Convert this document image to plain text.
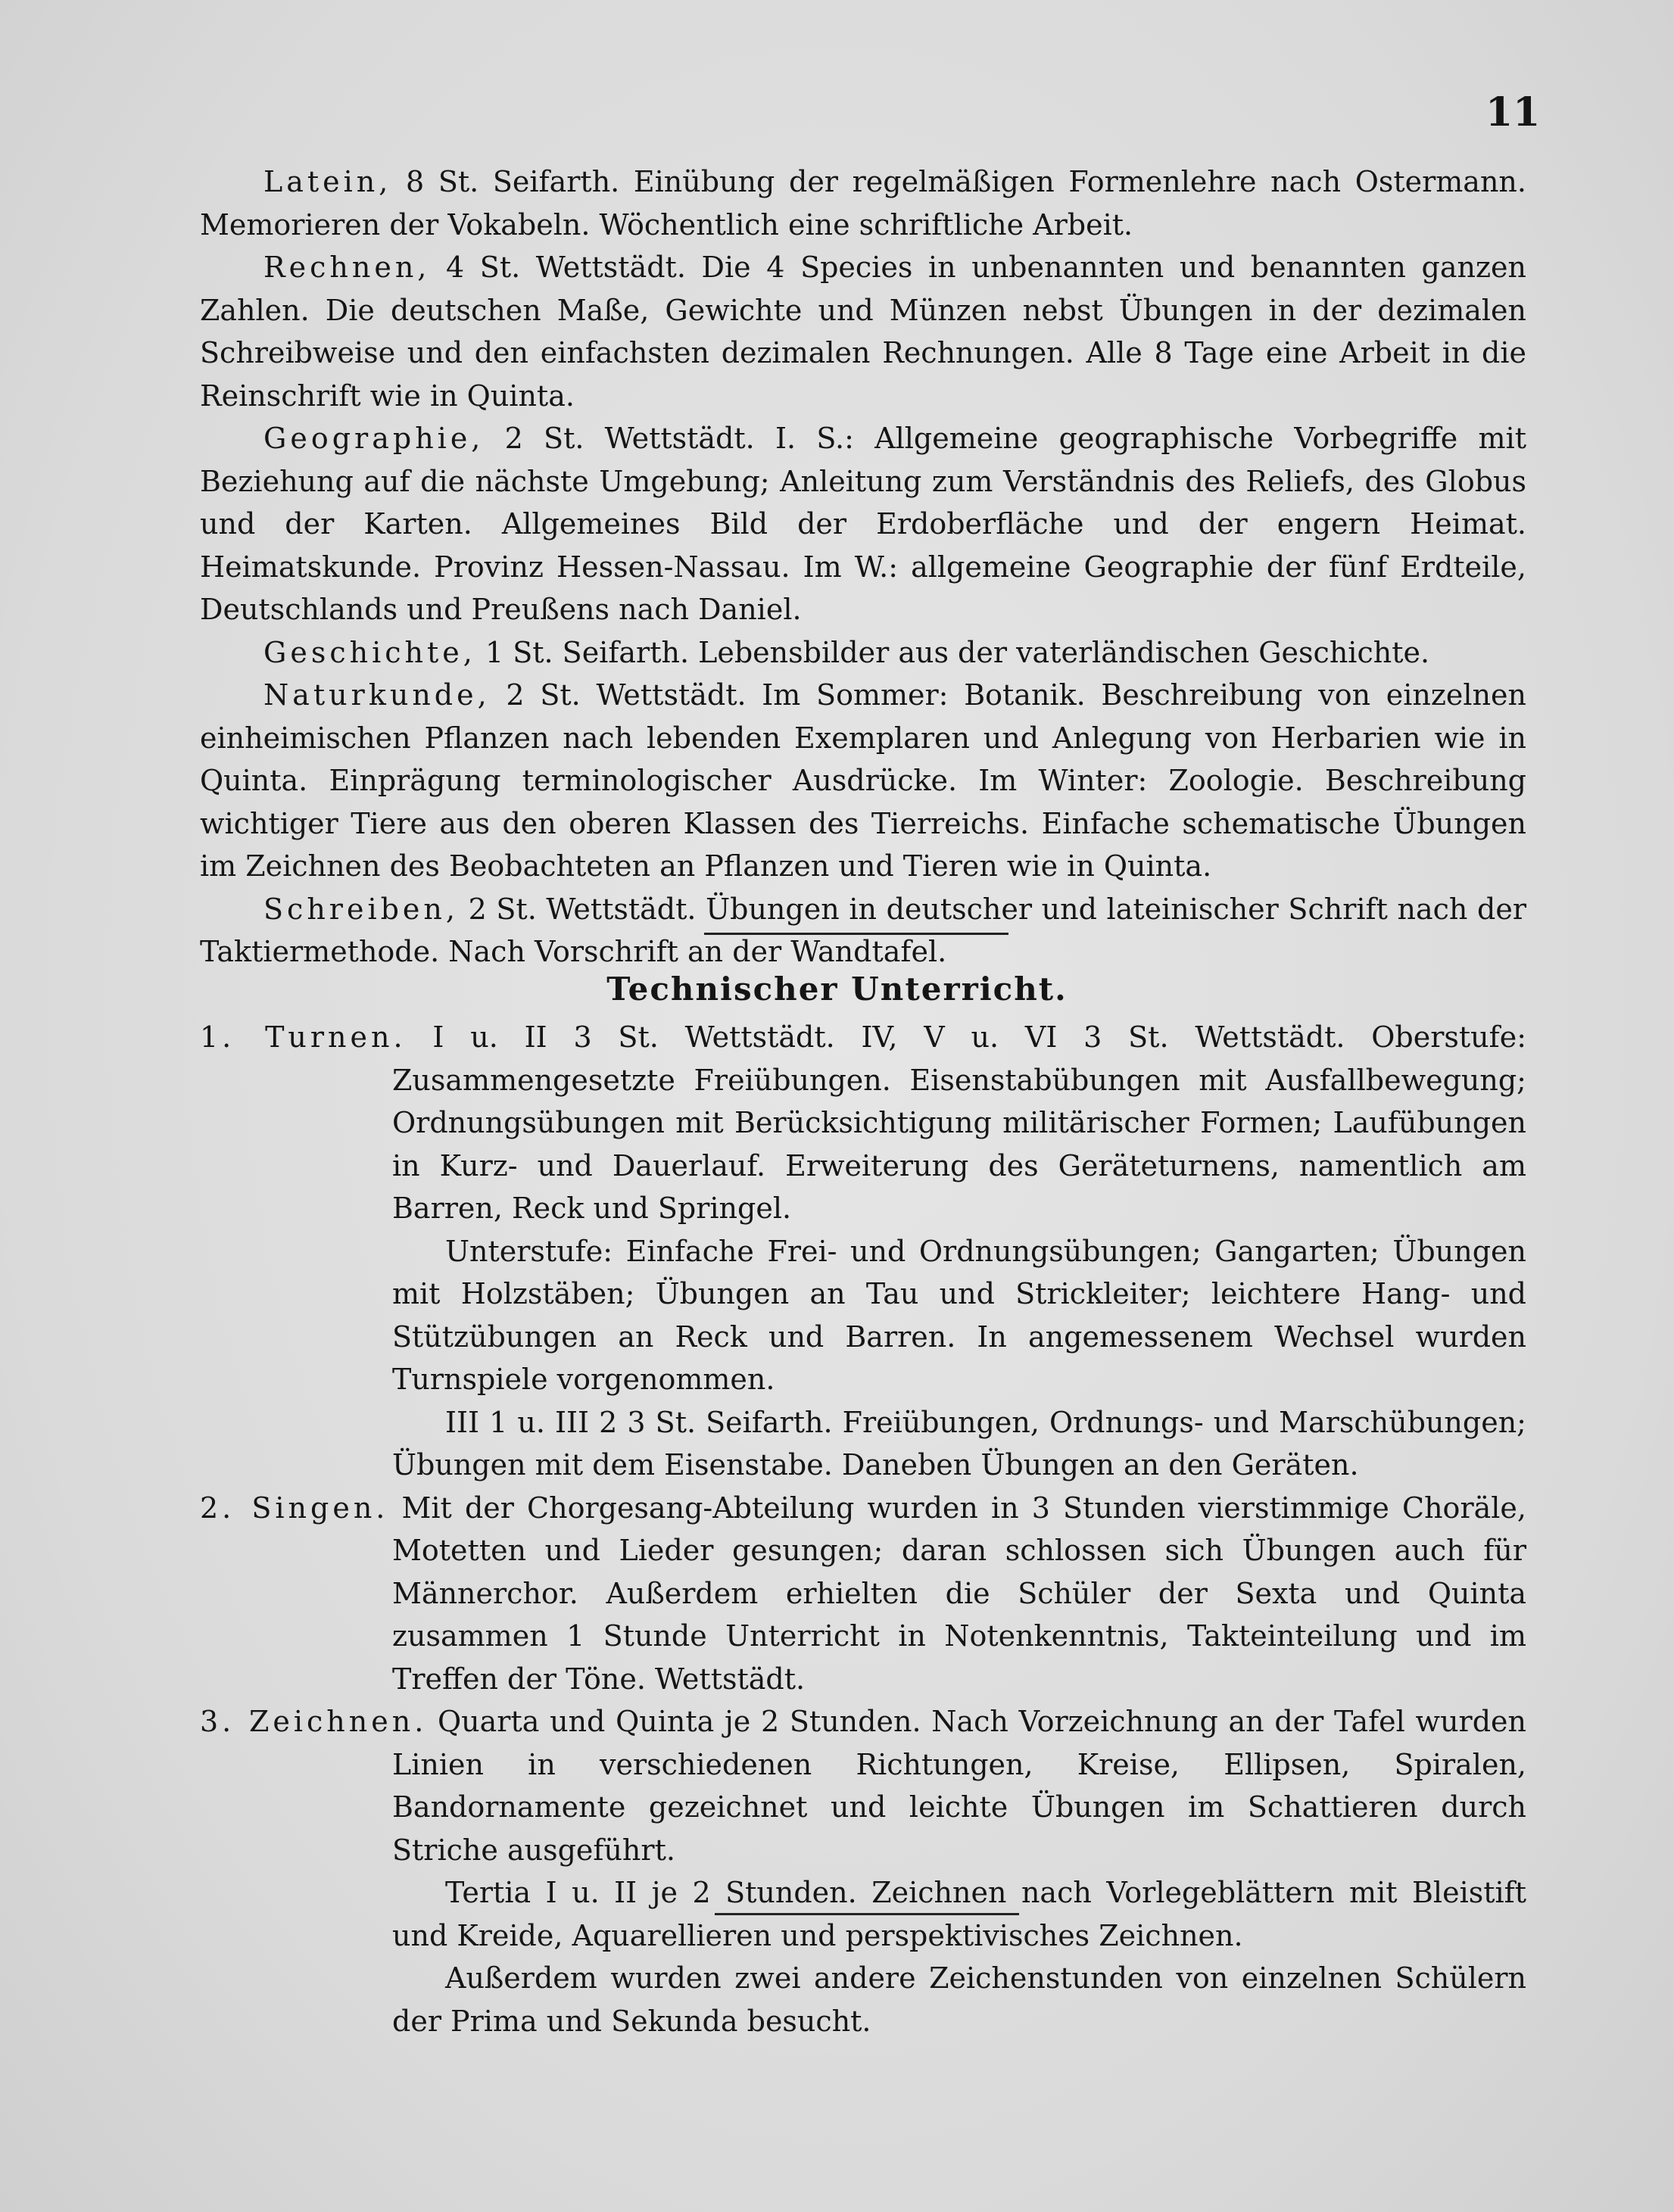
11

Latein, 8 St. Seifarth. Einübung der regelmäßigen Formenlehre nach Ostermann. Memorieren der Vokabeln. Wöchentlich eine schriftliche Arbeit.

Rechnen, 4 St. Wettstädt. Die 4 Species in unbenannten und benannten ganzen Zahlen. Die deutschen Maße, Gewichte und Münzen nebst Übungen in der dezimalen Schreibweise und den einfachsten dezimalen Rechnungen. Alle 8 Tage eine Arbeit in die Reinschrift wie in Quinta.

Geographie, 2 St. Wettstädt. I. S.: Allgemeine geographische Vorbegriffe mit Beziehung auf die nächste Umgebung; Anleitung zum Verständnis des Reliefs, des Globus und der Karten. Allgemeines Bild der Erdoberfläche und der engern Heimat. Heimatskunde. Provinz Hessen-Nassau. Im W.: allgemeine Geographie der fünf Erdteile, Deutschlands und Preußens nach Daniel.

Geschichte, 1 St. Seifarth. Lebensbilder aus der vaterländischen Geschichte.

Naturkunde, 2 St. Wettstädt. Im Sommer: Botanik. Beschreibung von einzelnen einheimischen Pflanzen nach lebenden Exemplaren und Anlegung von Herbarien wie in Quinta. Einprägung terminologischer Ausdrücke. Im Winter: Zoologie. Beschreibung wichtiger Tiere aus den oberen Klassen des Tierreichs. Einfache schematische Übungen im Zeichnen des Beobachteten an Pflanzen und Tieren wie in Quinta.

Schreiben, 2 St. Wettstädt. Übungen in deutscher und lateinischer Schrift nach der Taktiermethode. Nach Vorschrift an der Wandtafel.

Technischer Unterricht.

1. Turnen. I u. II 3 St. Wettstädt. IV, V u. VI 3 St. Wettstädt. Oberstufe: Zusammengesetzte Freiübungen. Eisenstabübungen mit Ausfallbewegung; Ordnungsübungen mit Berücksichtigung militärischer Formen; Laufübungen in Kurz- und Dauerlauf. Erweiterung des Geräteturnens, namentlich am Barren, Reck und Springel.

Unterstufe: Einfache Frei- und Ordnungsübungen; Gangarten; Übungen mit Holzstäben; Übungen an Tau und Strickleiter; leichtere Hang- und Stützübungen an Reck und Barren. In angemessenem Wechsel wurden Turnspiele vorgenommen.

III 1 u. III 2 3 St. Seifarth. Freiübungen, Ordnungs- und Marschübungen; Übungen mit dem Eisenstabe. Daneben Übungen an den Geräten.

2. Singen. Mit der Chorgesang-Abteilung wurden in 3 Stunden vierstimmige Choräle, Motetten und Lieder gesungen; daran schlossen sich Übungen auch für Männerchor. Außerdem erhielten die Schüler der Sexta und Quinta zusammen 1 Stunde Unterricht in Notenkenntnis, Takteinteilung und im Treffen der Töne. Wettstädt.

3. Zeichnen. Quarta und Quinta je 2 Stunden. Nach Vorzeichnung an der Tafel wurden Linien in verschiedenen Richtungen, Kreise, Ellipsen, Spiralen, Bandornamente gezeichnet und leichte Übungen im Schattieren durch Striche ausgeführt.

Tertia I u. II je 2 Stunden. Zeichnen nach Vorlegeblättern mit Bleistift und Kreide, Aquarellieren und perspektivisches Zeichnen.

Außerdem wurden zwei andere Zeichenstunden von einzelnen Schülern der Prima und Sekunda besucht.
